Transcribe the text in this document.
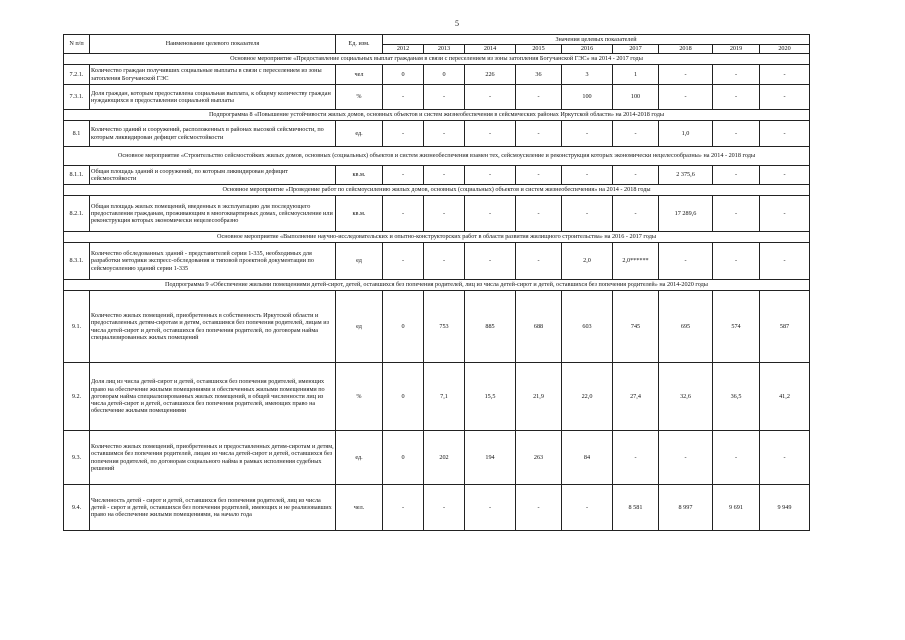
5
N п/п	Наименование целевого показателя	Ед. изм.	Значения целевых показателей								
			2012	2013	2014	2015	2016	2017	2018	2019	2020
Основное мероприятие «Предоставление социальных выплат гражданам в связи с переселением из зоны затопления Богучанской ГЭС» на 2014 - 2017 годы											
7.2.1.	Количество граждан получивших социальные выплаты в связи с переселением из зоны затопления Богучанской ГЭС	чел	0	0	226	36	3	1	-	-	-
7.3.1.	Доля граждан, которым предоставлена социальная выплата, к общему количеству граждан нуждающихся в предоставлении социальной выплаты	%	-	-	-	-	100	100	-	-	-
Подпрограмма 8 «Повышение устойчивости жилых домов, основных объектов и систем жизнеобеспечения в сейсмических районах Иркутской области» на 2014-2018 годы											
8.1	Количество зданий и сооружений, расположенных в районах высокой сейсмичности, по которым ликвидирован дефицит сейсмостойкости	ед.	-	-	-	-	-	-	1,0	-	-
Основное мероприятие «Строительство сейсмостойких жилых домов, основных (социальных) объектов и систем жизнеобеспечения взамен тех, сейсмоусиление и реконструкция которых экономически нецелесообразны» на 2014 - 2018 годы											
8.1.1.	Общая площадь зданий и сооружений, по которым ликвидирован дефицит сейсмостойкости	кв.м.	-	-	-	-	-	-	2 375,6	-	-
Основное мероприятие «Проведение работ по сейсмоусилению жилых домов, основных (социальных) объектов и систем жизнеобеспечения» на 2014 - 2018 годы											
8.2.1.	Общая площадь жилых помещений, введенных в эксплуатацию для последующего предоставления гражданам, проживающим в многоквартирных домах, сейсмоусиление или реконструкция которых экономически нецелесообразно	кв.м.	-	-	-	-	-	-	17 289,6	-	-
Основное мероприятие «Выполнение научно-исследовательских и опытно-конструкторских работ в области развития жилищного строительства» на 2016 - 2017 годы											
8.3.1.	Количество обследованных зданий - представителей серии 1-335, необходимых для разработки методики экспресс-обследования и типовой проектной документации по сейсмоусилению зданий серии 1-335	ед	-	-	-	-	2,0	2,0******	-	-	-
Подпрограмма 9 «Обеспечение жилыми помещениями детей-сирот, детей, оставшихся без попечения родителей, лиц из числа детей-сирот и детей, оставшихся без попечения родителей» на 2014-2020 годы											
9.1.	Количество жилых помещений, приобретенных в собственность Иркутской области и предоставленных детям-сиротам и детям, оставшимся без попечения родителей, лицам из числа детей-сирот и детей, оставшихся без попечения родителей, по договорам найма специализированных жилых помещений	ед	0	753	885	688	603	745	695	574	587
9.2.	Доля лиц из числа детей-сирот и детей, оставшихся без попечения родителей, имеющих право на обеспечение жилыми помещениями и обеспеченных жилыми помещениями по договорам найма специализированных жилых помещений, в общей численности лиц из числа детей-сирот и детей, оставшихся без попечения родителей, имеющих право на обеспечение жилыми помещениями	%	0	7,1	15,5	21,9	22,0	27,4	32,6	36,5	41,2
9.3.	Количество жилых помещений, приобретенных и предоставленных детям-сиротам и детям, оставшимся без попечения родителей, лицам из числа детей-сирот и детей, оставшихся без попечения родителей, по договорам социального найма в рамках исполнения судебных решений	ед.	0	202	194	263	84	-	-	-	-
9.4.	Численность детей - сирот и детей, оставшихся без попечения родителей, лиц из числа детей - сирот и детей, оставшихся без попечения родителей, имеющих и не реализовавших право на обеспечение жилыми помещениями, на начало года	чел.	-	-	-	-	-	8 581	8 997	9 691	9 949
